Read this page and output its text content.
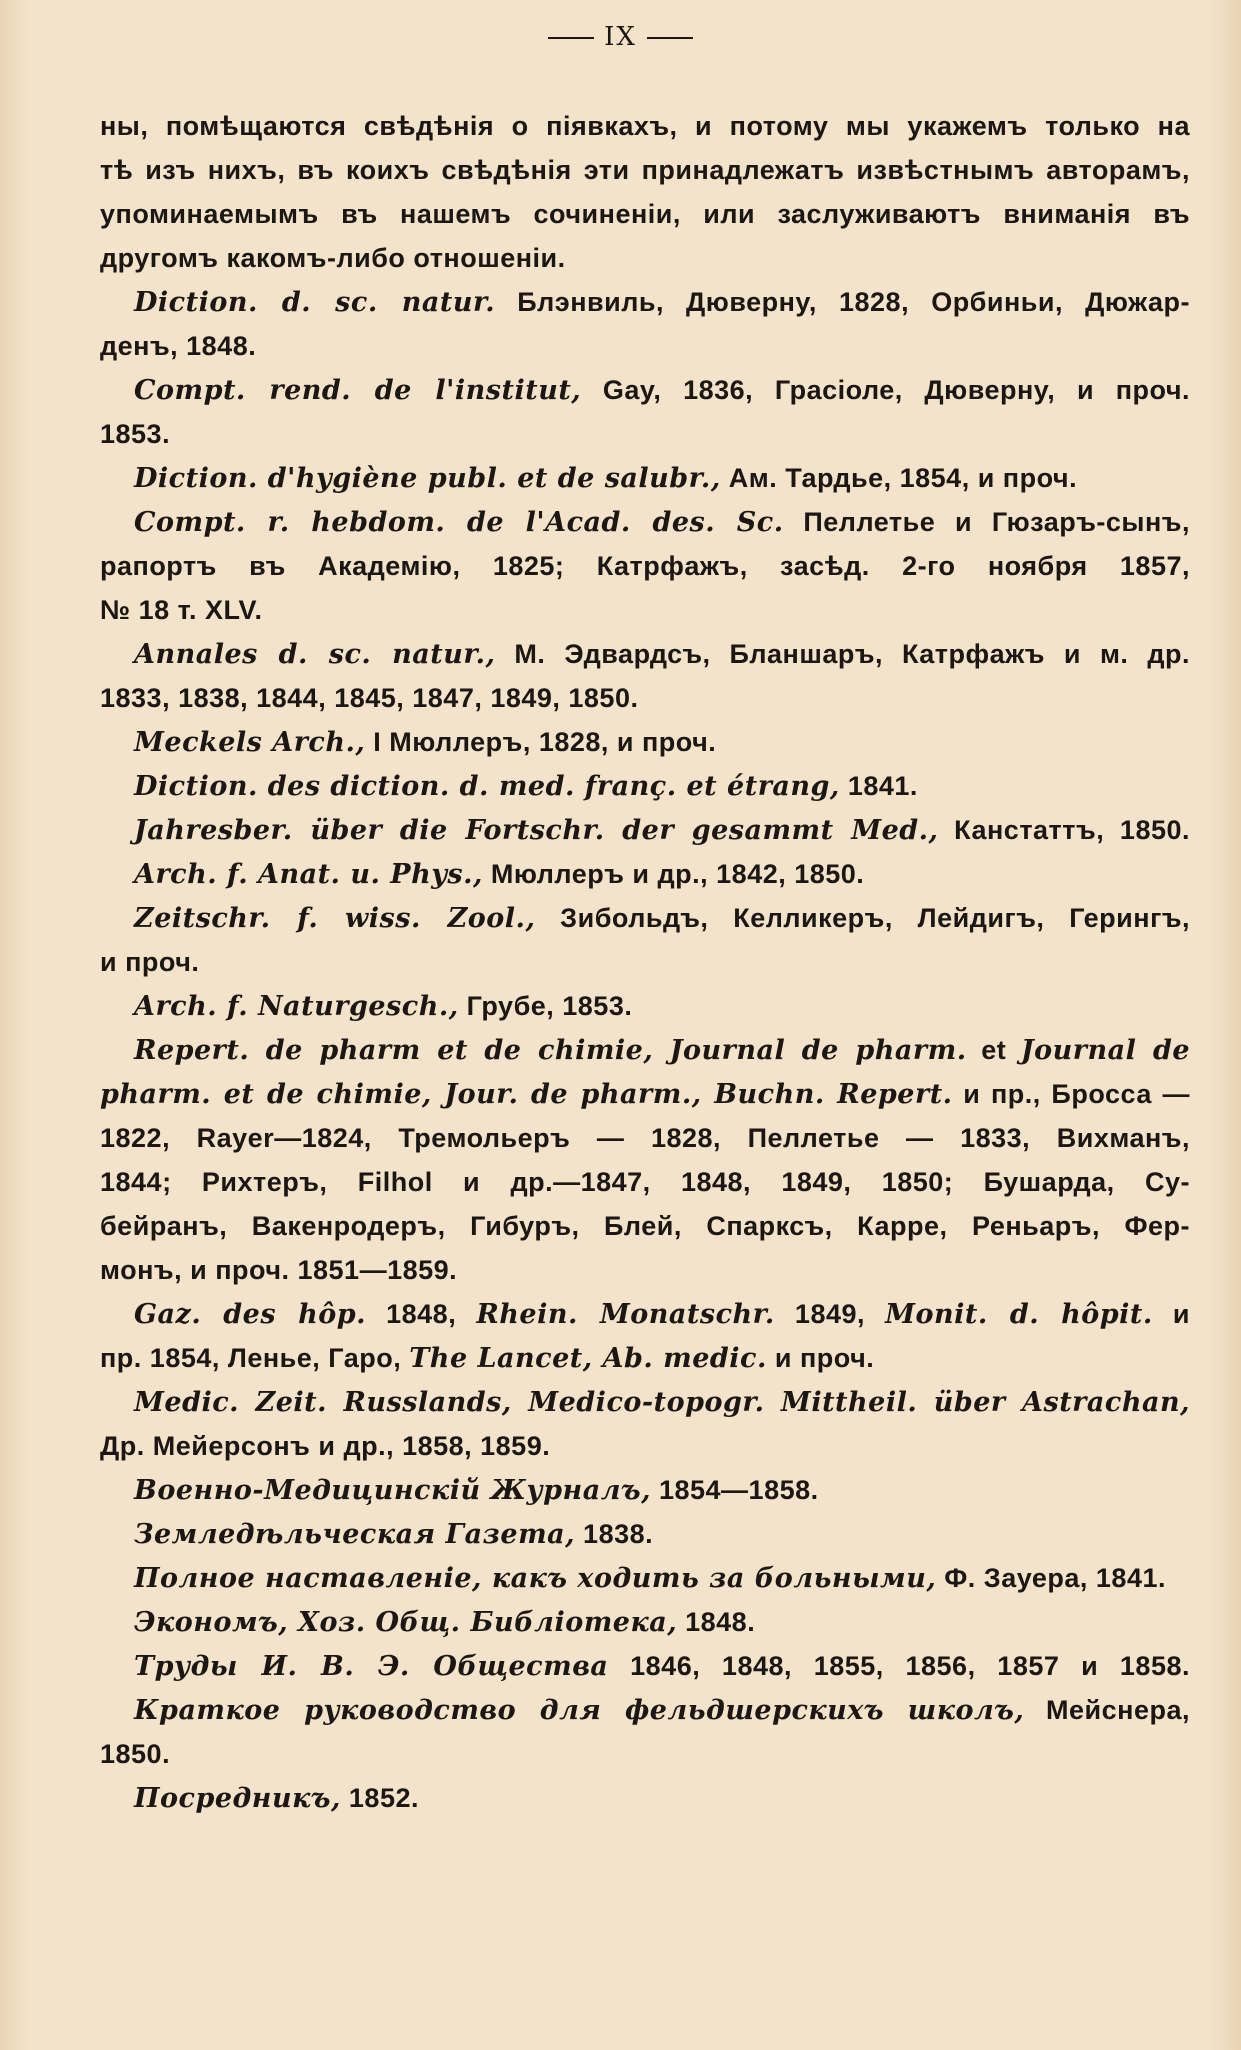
IX
ны, помѣщаются свѣдѣнія о піявкахъ, и потому мы укажемъ только на
тѣ изъ нихъ, въ коихъ свѣдѣнія эти принадлежатъ извѣстнымъ авторамъ,
упоминаемымъ въ нашемъ сочиненіи, или заслуживаютъ вниманія въ
другомъ какомъ-либо отношеніи.
Diction. d. sc. natur. Блэнвиль, Дюверну, 1828, Орбиньи, Дюжар-
денъ, 1848.
Compt. rend. de l'institut, Gay, 1836, Грасіоле, Дюверну, и проч.
1853.
Diction. d'hygiène publ. et de salubr., Ам. Тардье, 1854, и проч.
Compt. r. hebdom. de l'Acad. des. Sc. Пеллетье и Гюзаръ-сынъ,
рапортъ въ Академію, 1825; Катрфажъ, засѣд. 2-го ноября 1857,
№ 18 т. XLV.
Annales d. sc. natur., М. Эдвардсъ, Бланшаръ, Катрфажъ и м. др.
1833, 1838, 1844, 1845, 1847, 1849, 1850.
Meckels Arch., I Мюллеръ, 1828, и проч.
Diction. des diction. d. med. franç. et étrang, 1841.
Jahresber. über die Fortschr. der gesammt Med., Канстаттъ, 1850.
Arch. f. Anat. u. Phys., Мюллеръ и др., 1842, 1850.
Zeitschr. f. wiss. Zool., Зибольдъ, Келликеръ, Лейдигъ, Герингъ,
и проч.
Arch. f. Naturgesch., Грубе, 1853.
Repert. de pharm et de chimie, Journal de pharm. et Journal de
pharm. et de chimie, Jour. de pharm., Buchn. Repert. и пр., Бросса —
1822, Rayer—1824, Тремольеръ — 1828, Пеллетье — 1833, Вихманъ,
1844; Рихтеръ, Filhol и др.—1847, 1848, 1849, 1850; Бушарда, Су-
бейранъ, Вакенродеръ, Гибуръ, Блей, Спарксъ, Карре, Реньаръ, Фер-
монъ, и проч. 1851—1859.
Gaz. des hôp. 1848, Rhein. Monatschr. 1849, Monit. d. hôpit. и
пр. 1854, Ленье, Гаро, The Lancet, Ab. medic. и проч.
Medic. Zeit. Russlands, Medico-topogr. Mittheil. über Astrachan,
Др. Мейерсонъ и др., 1858, 1859.
Военно-Медицинскій Журналъ, 1854—1858.
Земледѣльческая Газета, 1838.
Полное наставленіе, какъ ходить за больными, Ф. Зауера, 1841.
Экономъ, Хоз. Общ. Библіотека, 1848.
Труды И. В. Э. Общества 1846, 1848, 1855, 1856, 1857 и 1858.
Краткое руководство для фельдшерскихъ школъ, Мейснера,
1850.
Посредникъ, 1852.
